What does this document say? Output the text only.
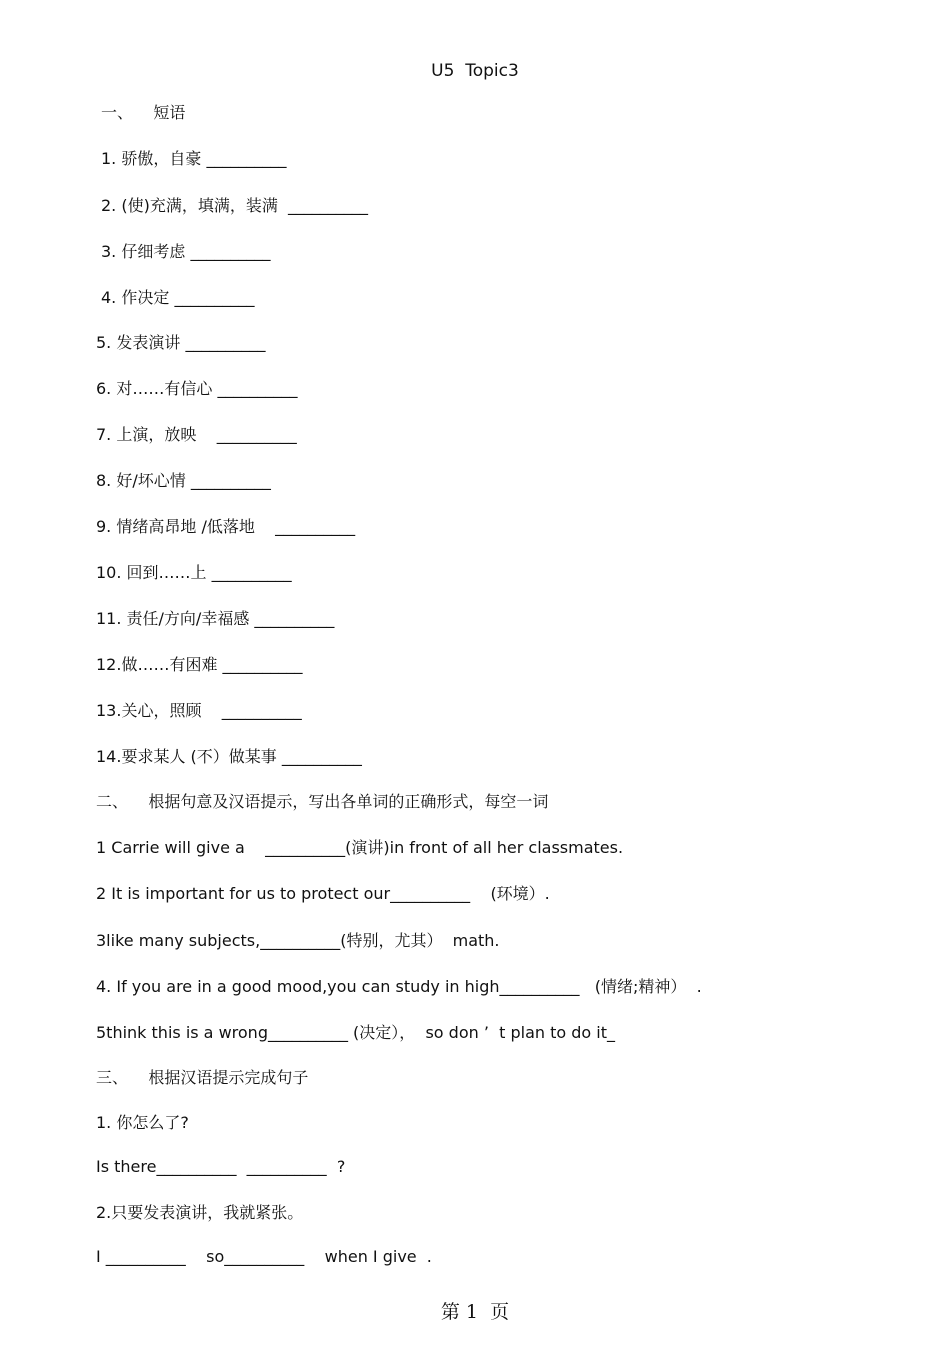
U5  Topic3
一、    短语
1. 骄傲，自豪 __________
2. (使)充满，填满，装满  __________
3. 仔细考虑 __________
4. 作决定 __________
5. 发表演讲 __________
6. 对……有信心 __________
7. 上演，放映    __________
8. 好/坏心情 __________
9. 情绪高昂地 /低落地    __________
10. 回到……上 __________
11. 责任/方向/幸福感 __________
12.做……有困难 __________
13.关心，照顾    __________
14.要求某人 (不）做某事 __________
二、    根据句意及汉语提示，写出各单词的正确形式，每空一词
1 Carrie will give a    __________(演讲)in front of all her classmates.
2 It is important for us to protect our__________    (环境）.
3like many subjects,__________(特别，尤其）  math.
4. If you are in a good mood,you can study in high__________   (情绪;精神）  .
5think this is a wrong__________ (决定），  so don ’  t plan to do it_
三、    根据汉语提示完成句子
1. 你怎么了?
Is there__________  __________  ?
2.只要发表演讲，我就紧张。
I __________    so__________    when I give  .
第 1  页
